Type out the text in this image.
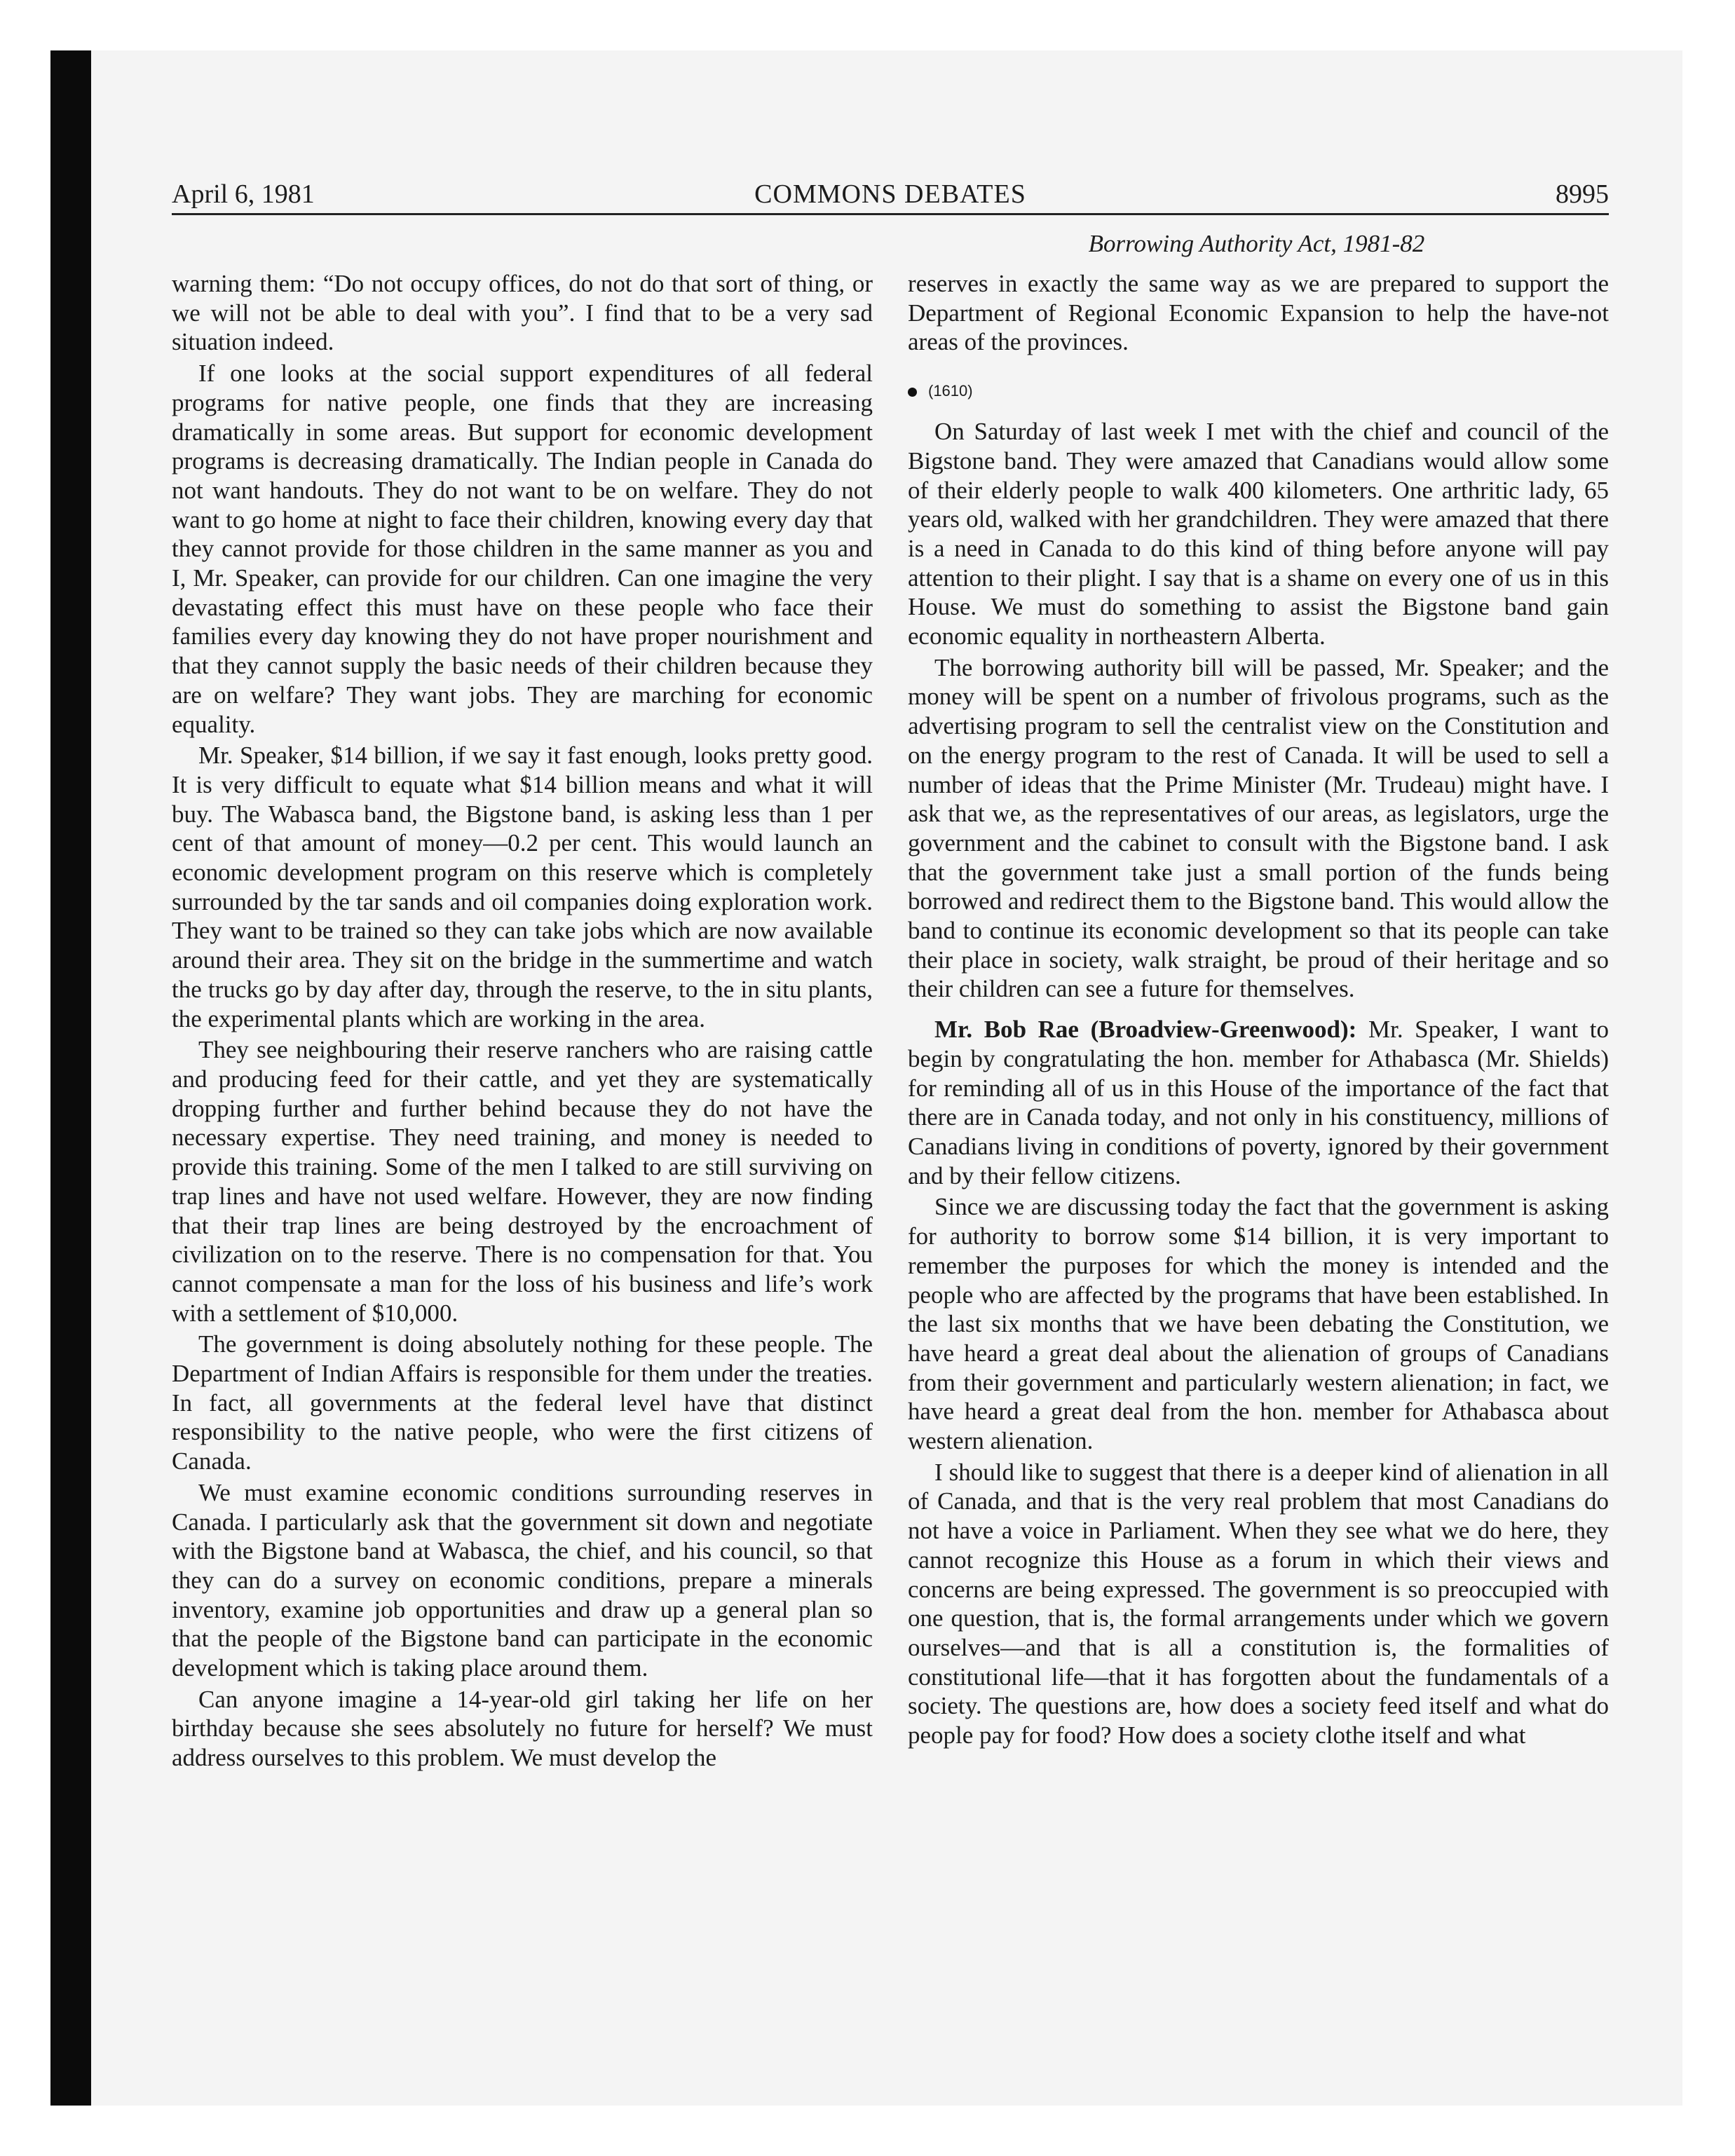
April 6, 1981	COMMONS DEBATES	8995
Borrowing Authority Act, 1981-82

warning them: “Do not occupy offices, do not do that sort of thing, or we will not be able to deal with you”. I find that to be a very sad situation indeed.

If one looks at the social support expenditures of all federal programs for native people, one finds that they are increasing dramatically in some areas. But support for economic development programs is decreasing dramatically. The Indian people in Canada do not want handouts. They do not want to be on welfare. They do not want to go home at night to face their children, knowing every day that they cannot provide for those children in the same manner as you and I, Mr. Speaker, can provide for our children. Can one imagine the very devastating effect this must have on these people who face their families every day knowing they do not have proper nourishment and that they cannot supply the basic needs of their children because they are on welfare? They want jobs. They are marching for economic equality.

Mr. Speaker, $14 billion, if we say it fast enough, looks pretty good. It is very difficult to equate what $14 billion means and what it will buy. The Wabasca band, the Bigstone band, is asking less than 1 per cent of that amount of money—0.2 per cent. This would launch an economic development program on this reserve which is completely surrounded by the tar sands and oil companies doing exploration work. They want to be trained so they can take jobs which are now available around their area. They sit on the bridge in the summertime and watch the trucks go by day after day, through the reserve, to the in situ plants, the experimental plants which are working in the area.

They see neighbouring their reserve ranchers who are raising cattle and producing feed for their cattle, and yet they are systematically dropping further and further behind because they do not have the necessary expertise. They need training, and money is needed to provide this training. Some of the men I talked to are still surviving on trap lines and have not used welfare. However, they are now finding that their trap lines are being destroyed by the encroachment of civilization on to the reserve. There is no compensation for that. You cannot compensate a man for the loss of his business and life’s work with a settlement of $10,000.

The government is doing absolutely nothing for these people. The Department of Indian Affairs is responsible for them under the treaties. In fact, all governments at the federal level have that distinct responsibility to the native people, who were the first citizens of Canada.

We must examine economic conditions surrounding reserves in Canada. I particularly ask that the government sit down and negotiate with the Bigstone band at Wabasca, the chief, and his council, so that they can do a survey on economic conditions, prepare a minerals inventory, examine job opportunities and draw up a general plan so that the people of the Bigstone band can participate in the economic development which is taking place around them.

Can anyone imagine a 14-year-old girl taking her life on her birthday because she sees absolutely no future for herself? We must address ourselves to this problem. We must develop the

reserves in exactly the same way as we are prepared to support the Department of Regional Economic Expansion to help the have-not areas of the provinces.

(1610)

On Saturday of last week I met with the chief and council of the Bigstone band. They were amazed that Canadians would allow some of their elderly people to walk 400 kilometers. One arthritic lady, 65 years old, walked with her grandchildren. They were amazed that there is a need in Canada to do this kind of thing before anyone will pay attention to their plight. I say that is a shame on every one of us in this House. We must do something to assist the Bigstone band gain economic equality in northeastern Alberta.

The borrowing authority bill will be passed, Mr. Speaker; and the money will be spent on a number of frivolous programs, such as the advertising program to sell the centralist view on the Constitution and on the energy program to the rest of Canada. It will be used to sell a number of ideas that the Prime Minister (Mr. Trudeau) might have. I ask that we, as the representatives of our areas, as legislators, urge the government and the cabinet to consult with the Bigstone band. I ask that the government take just a small portion of the funds being borrowed and redirect them to the Bigstone band. This would allow the band to continue its economic development so that its people can take their place in society, walk straight, be proud of their heritage and so their children can see a future for themselves.

Mr. Bob Rae (Broadview-Greenwood): Mr. Speaker, I want to begin by congratulating the hon. member for Athabasca (Mr. Shields) for reminding all of us in this House of the importance of the fact that there are in Canada today, and not only in his constituency, millions of Canadians living in conditions of poverty, ignored by their government and by their fellow citizens.

Since we are discussing today the fact that the government is asking for authority to borrow some $14 billion, it is very important to remember the purposes for which the money is intended and the people who are affected by the programs that have been established. In the last six months that we have been debating the Constitution, we have heard a great deal about the alienation of groups of Canadians from their government and particularly western alienation; in fact, we have heard a great deal from the hon. member for Athabasca about western alienation.

I should like to suggest that there is a deeper kind of alienation in all of Canada, and that is the very real problem that most Canadians do not have a voice in Parliament. When they see what we do here, they cannot recognize this House as a forum in which their views and concerns are being expressed. The government is so preoccupied with one question, that is, the formal arrangements under which we govern ourselves—and that is all a constitution is, the formalities of constitutional life—that it has forgotten about the fundamentals of a society. The questions are, how does a society feed itself and what do people pay for food? How does a society clothe itself and what
